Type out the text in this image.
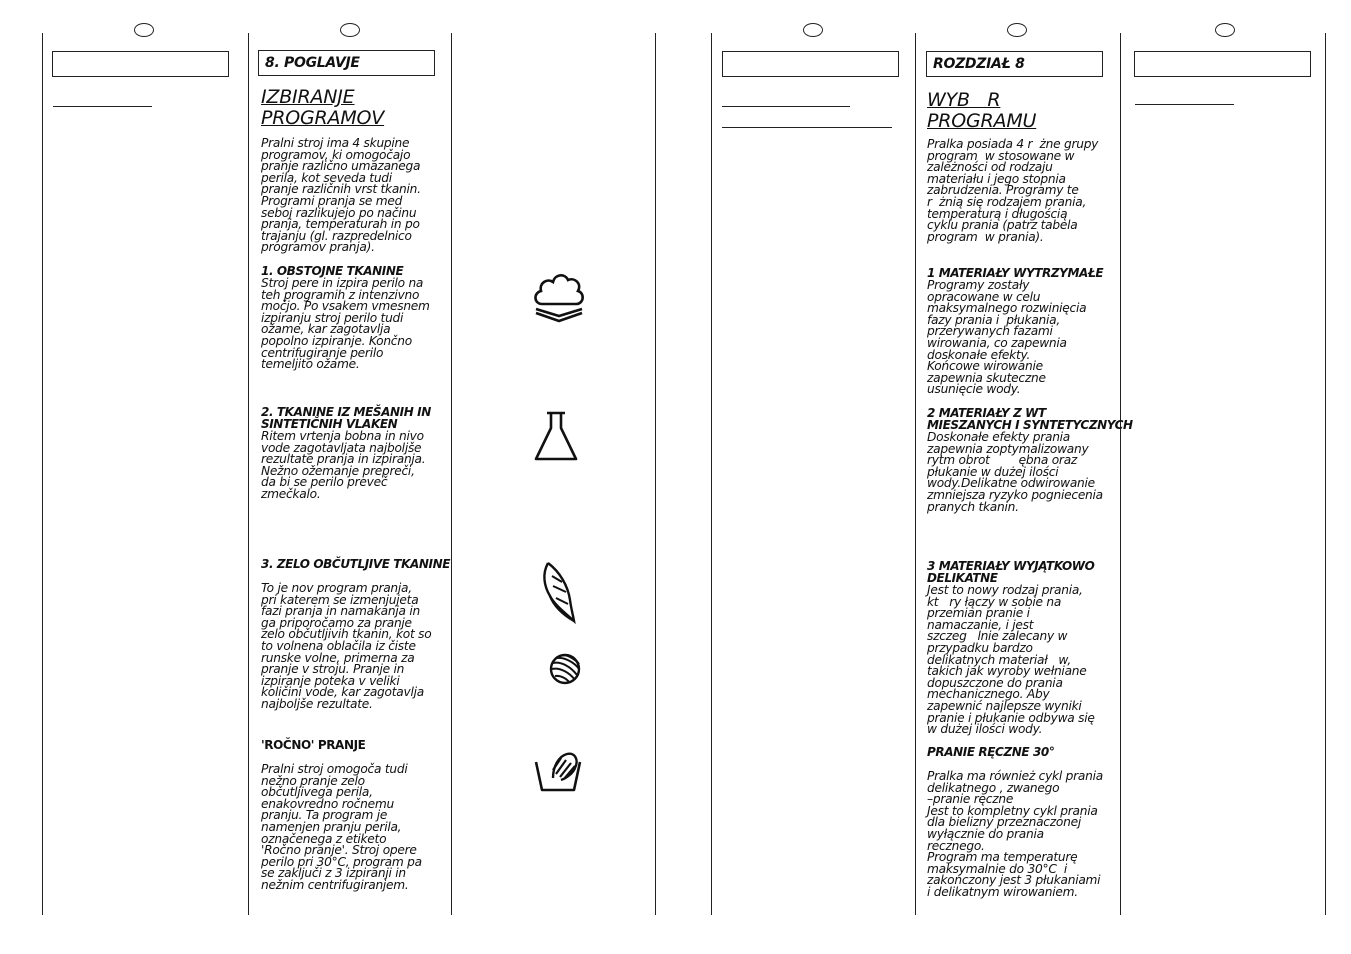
8. POGLAVJE	ROZDZIAŁ 8
IZBIRANJE
PROGRAMOV
Pralni stroj ima 4 skupine
programov, ki omogočajo
pranje različno umazanega
perila, kot seveda tudi
pranje različnih vrst tkanin.
Programi pranja se med
seboj razlikujejo po načinu
pranja, temperaturah in po
trajanju (gl. razpredelnico
programov pranja).
1. OBSTOJNE TKANINE
Stroj pere in izpira perilo na
teh programih z intenzivno
močjo. Po vsakem vmesnem
izpiranju stroj perilo tudi
ožame, kar zagotavlja
popolno izpiranje. Končno
centrifugiranje perilo
temeljito ožame.
2. TKANINE IZ MEŠANIH IN
SINTETIČNIH VLAKEN
Ritem vrtenja bobna in nivo
vode zagotavljata najboljše
rezultate pranja in izpiranja.
Nežno ožemanje prepreči,
da bi se perilo preveč
zmečkalo.
3. ZELO OBČUTLJIVE TKANINE
To je nov program pranja,
pri katerem se izmenjujeta
fazi pranja in namakanja in
ga priporočamo za pranje
zelo občutljivih tkanin, kot so
to volnena oblačila iz čiste
runske volne, primerna za
pranje v stroju. Pranje in
izpiranje poteka v veliki
količini vode, kar zagotavlja
najboljše rezultate.
'ROČNO' PRANJE
Pralni stroj omogoča tudi
nežno pranje zelo
občutljivega perila,
enakovredno ročnemu
pranju. Ta program je
namenjen pranju perila,
označenega z etiketo
'Ročno pranje'. Stroj opere
perilo pri 30°C, program pa
se zaključi z 3 izpiranji in
nežnim centrifugiranjem.
WYB   R
PROGRAMU
Pralka posiada 4 r  żne grupy
program  w stosowane w
zależności od rodzaju
materiału i jego stopnia
zabrudzenia. Programy te
r  żnią się rodzajem prania,
temperaturą i długością
cyklu prania (patrz tabela
program  w prania).
1 MATERIAŁY WYTRZYMAŁE
Programy zostały
opracowane w celu
maksymalnego rozwinięcia
fazy prania i  płukania,
przerywanych fazami
wirowania, co zapewnia
doskonałe efekty.
Końcowe wirowanie
zapewnia skuteczne
usunięcie wody.
2 MATERIAŁY Z WT
MIESZANYCH I SYNTETYCZNYCH
Doskonałe efekty prania
zapewnia zoptymalizowany
rytm obrot        ębna oraz
płukanie w dużej ilości
wody.Delikatne odwirowanie
zmniejsza ryzyko pogniecenia
pranych tkanin.
3 MATERIAŁY WYJĄTKOWO
DELIKATNE
Jest to nowy rodzaj prania,
kt   ry łączy w sobie na
przemian pranie i
namaczanie, i jest
szczeg   lnie zalecany w
przypadku bardzo
delikatnych materiał   w,
takich jak wyroby wełniane
dopuszczone do prania
mechanicznego. Aby
zapewnić najlepsze wyniki
pranie i płukanie odbywa się
w dużej ilości wody.
PRANIE RĘCZNE 30°
Pralka ma również cykl prania
delikatnego , zwanego
–pranie ręczne
Jest to kompletny cykl prania
dla bielizny przeznaczonej
wyłącznie do prania
recznego.
Program ma temperaturę
maksymalnie do 30°C  i
zakończony jest 3 płukaniami
i delikatnym wirowaniem.
